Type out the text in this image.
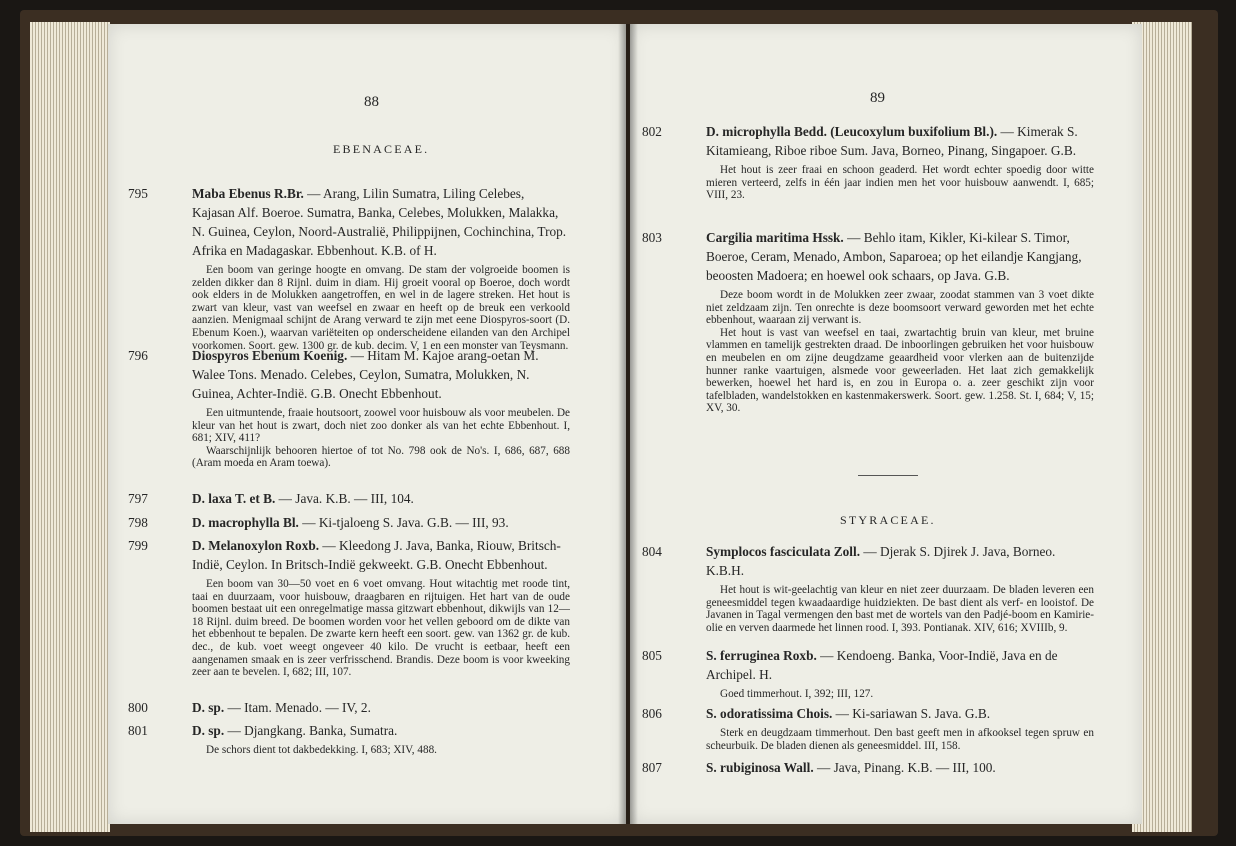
88
EBENACEAE.

795	Maba Ebenus R.Br. — Arang, Lilin Sumatra, Liling Celebes, Kajasan Alf. Boeroe. Sumatra, Banka, Celebes, Molukken, Malakka, N. Guinea, Ceylon, Noord-Australië, Philippijnen, Cochinchina, Trop. Afrika en Madagaskar. Ebbenhout. K.B. of H.

Een boom van geringe hoogte en omvang. De stam der volgroeide boomen is zelden dikker dan 8 Rijnl. duim in diam. Hij groeit vooral op Boeroe, doch wordt ook elders in de Molukken aangetroffen, en wel in de lagere streken. Het hout is zwart van kleur, vast van weefsel en zwaar en heeft op de breuk een verkoold aanzien. Menigmaal schijnt de Arang verward te zijn met eene Diospyros-soort (D. Ebenum Koen.), waarvan variëteiten op onderscheidene eilanden van den Archipel voorkomen. Soort. gew. 1300 gr. de kub. decim. V, 1 en een monster van Teysmann.

796	Diospyros Ebenum Koenig. — Hitam M. Kajoe arang-oetan M. Walee Tons. Menado. Celebes, Ceylon, Sumatra, Molukken, N. Guinea, Achter-Indië. G.B. Onecht Ebbenhout.

Een uitmuntende, fraaie houtsoort, zoowel voor huisbouw als voor meubelen. De kleur van het hout is zwart, doch niet zoo donker als van het echte Ebbenhout. I, 681; XIV, 411?

Waarschijnlijk behooren hiertoe of tot No. 798 ook de No's. I, 686, 687, 688 (Aram moeda en Aram toewa).

797	D. laxa T. et B. — Java. K.B. — III, 104.

798	D. macrophylla Bl. — Ki-tjaloeng S. Java. G.B. — III, 93.

799	D. Melanoxylon Roxb. — Kleedong J. Java, Banka, Riouw, Britsch-Indië, Ceylon. In Britsch-Indië gekweekt. G.B. Onecht Ebbenhout.

Een boom van 30—50 voet en 6 voet omvang. Hout witachtig met roode tint, taai en duurzaam, voor huisbouw, draagbaren en rijtuigen. Het hart van de oude boomen bestaat uit een onregelmatige massa gitzwart ebbenhout, dikwijls van 12—18 Rijnl. duim breed. De boomen worden voor het vellen geboord om de dikte van het ebbenhout te bepalen. De zwarte kern heeft een soort. gew. van 1362 gr. de kub. dec., de kub. voet weegt ongeveer 40 kilo. De vrucht is eetbaar, heeft een aangenamen smaak en is zeer verfrisschend. Brandis. Deze boom is voor kweeking zeer aan te bevelen. I, 682; III, 107.

800	D. sp. — Itam. Menado. — IV, 2.

801	D. sp. — Djangkang. Banka, Sumatra.

De schors dient tot dakbedekking. I, 683; XIV, 488.

89

802	D. microphylla Bedd. (Leucoxylum buxifolium Bl.). — Kimerak S. Kitamieang, Riboe riboe Sum. Java, Borneo, Pinang, Singapoer. G.B.

Het hout is zeer fraai en schoon geaderd. Het wordt echter spoedig door witte mieren verteerd, zelfs in één jaar indien men het voor huisbouw aanwendt. I, 685; VIII, 23.

803	Cargilia maritima Hssk. — Behlo itam, Kikler, Ki-kilear S. Timor, Boeroe, Ceram, Menado, Ambon, Saparoea; op het eilandje Kangjang, beoosten Madoera; en hoewel ook schaars, op Java. G.B.

Deze boom wordt in de Molukken zeer zwaar, zoodat stammen van 3 voet dikte niet zeldzaam zijn. Ten onrechte is deze boomsoort verward geworden met het echte ebbenhout, waaraan zij verwant is.

Het hout is vast van weefsel en taai, zwartachtig bruin van kleur, met bruine vlammen en tamelijk gestrekten draad. De inboorlingen gebruiken het voor huisbouw en meubelen en om zijne deugdzame geaardheid voor vlerken aan de buitenzijde hunner ranke vaartuigen, alsmede voor geweerladen. Het laat zich gemakkelijk bewerken, hoewel het hard is, en zou in Europa o. a. zeer geschikt zijn voor tafelbladen, wandelstokken en kastenmakerswerk. Soort. gew. 1.258. St. I, 684; V, 15; XV, 30.

STYRACEAE.

804	Symplocos fasciculata Zoll. — Djerak S. Djirek J. Java, Borneo. K.B.H.

Het hout is wit-geelachtig van kleur en niet zeer duurzaam. De bladen leveren een geneesmiddel tegen kwaadaardige huidziekten. De bast dient als verf- en looistof. De Javanen in Tagal vermengen den bast met de wortels van den Padjé-boom en Kamirie-olie en verven daarmede het linnen rood. I, 393. Pontianak. XIV, 616; XVIIIb, 9.

805	S. ferruginea Roxb. — Kendoeng. Banka, Voor-Indië, Java en de Archipel. H.

Goed timmerhout. I, 392; III, 127.

806	S. odoratissima Chois. — Ki-sariawan S. Java. G.B.

Sterk en deugdzaam timmerhout. Den bast geeft men in afkooksel tegen spruw en scheurbuik. De bladen dienen als geneesmiddel. III, 158.

807	S. rubiginosa Wall. — Java, Pinang. K.B. — III, 100.
